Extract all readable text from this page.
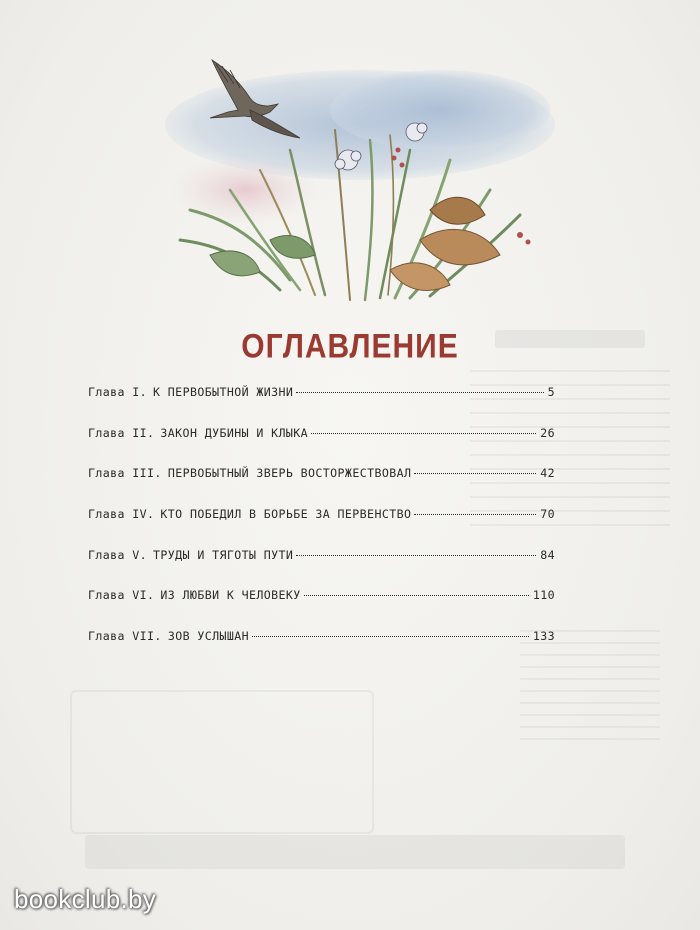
ОГЛАВЛЕНИЕ
Глава I. К ПЕРВОБЫТНОЙ ЖИЗНИ	5
Глава II. ЗАКОН ДУБИНЫ И КЛЫКА	26
Глава III. ПЕРВОБЫТНЫЙ ЗВЕРЬ ВОСТОРЖЕСТВОВАЛ	42
Глава IV. КТО ПОБЕДИЛ В БОРЬБЕ ЗА ПЕРВЕНСТВО	70
Глава V. ТРУДЫ И ТЯГОТЫ ПУТИ	84
Глава VI. ИЗ ЛЮБВИ К ЧЕЛОВЕКУ	110
Глава VII. ЗОВ УСЛЫШАН	133
bookclub.by
